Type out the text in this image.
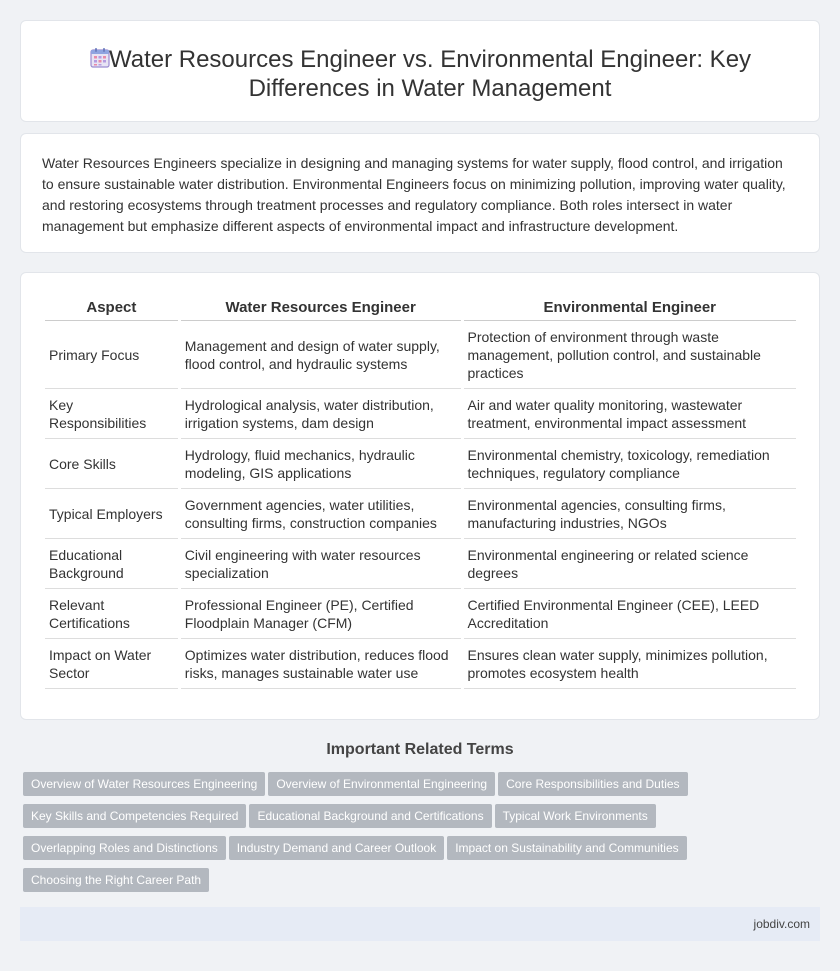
Water Resources Engineer vs. Environmental Engineer: Key Differences in Water Management

Water Resources Engineers specialize in designing and managing systems for water supply, flood control, and irrigation to ensure sustainable water distribution. Environmental Engineers focus on minimizing pollution, improving water quality, and restoring ecosystems through treatment processes and regulatory compliance. Both roles intersect in water management but emphasize different aspects of environmental impact and infrastructure development.

Aspect	Water Resources Engineer	Environmental Engineer
Primary Focus	Management and design of water supply, flood control, and hydraulic systems	Protection of environment through waste management, pollution control, and sustainable practices
Key Responsibilities	Hydrological analysis, water distribution, irrigation systems, dam design	Air and water quality monitoring, wastewater treatment, environmental impact assessment
Core Skills	Hydrology, fluid mechanics, hydraulic modeling, GIS applications	Environmental chemistry, toxicology, remediation techniques, regulatory compliance
Typical Employers	Government agencies, water utilities, consulting firms, construction companies	Environmental agencies, consulting firms, manufacturing industries, NGOs
Educational Background	Civil engineering with water resources specialization	Environmental engineering or related science degrees
Relevant Certifications	Professional Engineer (PE), Certified Floodplain Manager (CFM)	Certified Environmental Engineer (CEE), LEED Accreditation
Impact on Water Sector	Optimizes water distribution, reduces flood risks, manages sustainable water use	Ensures clean water supply, minimizes pollution, promotes ecosystem health
Important Related Terms
Overview of Water Resources Engineering Overview of Environmental Engineering Core Responsibilities and Duties
Key Skills and Competencies Required Educational Background and Certifications Typical Work Environments
Overlapping Roles and Distinctions Industry Demand and Career Outlook Impact on Sustainability and Communities
Choosing the Right Career Path
jobdiv.com
